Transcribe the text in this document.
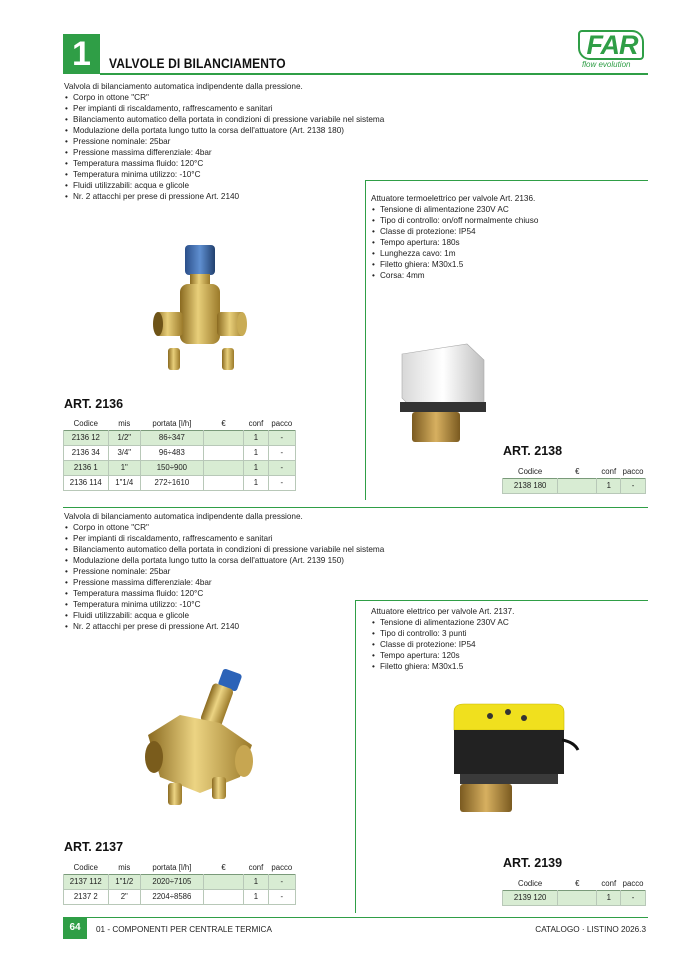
1	VALVOLE DI BILANCIAMENTO
FAR
flow evolution
Valvola di bilanciamento automatica indipendente dalla pressione.
• Corpo in ottone "CR"
• Per impianti di riscaldamento, raffrescamento e sanitari
• Bilanciamento automatico della portata in condizioni di pressione variabile nel sistema
• Modulazione della portata lungo tutto la corsa dell'attuatore (Art. 2138 180)
• Pressione nominale: 25bar
• Pressione massima differenziale: 4bar
• Temperatura massima fluido: 120°C
• Temperatura minima utilizzo: -10°C
• Fluidi utilizzabili: acqua e glicole
• Nr. 2 attacchi per prese di pressione Art. 2140	Attuatore termoelettrico per valvole Art. 2136.
• Tensione di alimentazione 230V AC
• Tipo di controllo: on/off normalmente chiuso
• Classe di protezione: IP54
• Tempo apertura: 180s
• Lunghezza cavo: 1m
• Filetto ghiera: M30x1.5
• Corsa: 4mm
ART. 2136
Codice	mis	portata [l/h]	€	conf	pacco
2136 12	1/2"	86÷347		1	-
2136 34	3/4"	96÷483		1	-
2136 1	1"	150÷900		1	-
2136 114	1"1/4	272÷1610		1	-
ART. 2138
Codice	€	conf	pacco
2138 180		1	-
Valvola di bilanciamento automatica indipendente dalla pressione.
• Corpo in ottone "CR"
• Per impianti di riscaldamento, raffrescamento e sanitari
• Bilanciamento automatico della portata in condizioni di pressione variabile nel sistema
• Modulazione della portata lungo tutto la corsa dell'attuatore (Art. 2139 150)
• Pressione nominale: 25bar
• Pressione massima differenziale: 4bar
• Temperatura massima fluido: 120°C
• Temperatura minima utilizzo: -10°C
• Fluidi utilizzabili: acqua e glicole
• Nr. 2 attacchi per prese di pressione Art. 2140
Attuatore elettrico per valvole Art. 2137.
• Tensione di alimentazione 230V AC
• Tipo di controllo: 3 punti
• Classe di protezione: IP54
• Tempo apertura: 120s
• Filetto ghiera: M30x1.5
ART. 2137
Codice	mis	portata [l/h]	€	conf	pacco
2137 112	1"1/2	2020÷7105		1	-
2137 2	2"	2204÷8586		1	-
ART. 2139
Codice	€	conf	pacco
2139 120		1	-
64	01 - COMPONENTI PER CENTRALE TERMICA	CATALOGO · LISTINO 2026.3
